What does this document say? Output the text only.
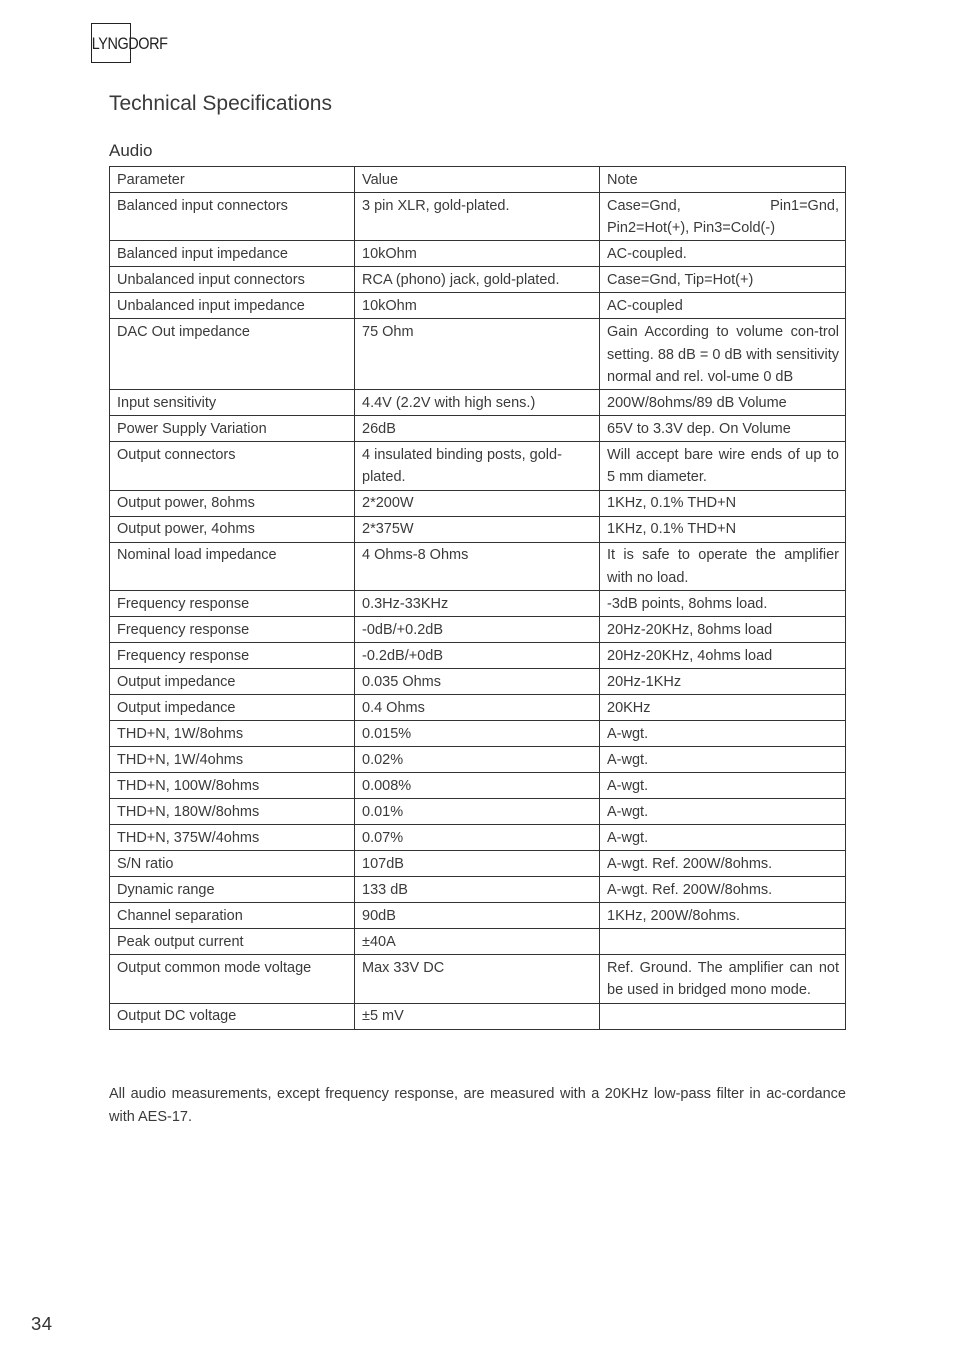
LYNGDORF
Technical Specifications
Audio
Parameter	Value	Note
Balanced input connectors	3 pin XLR, gold-plated.	Case=Gnd, Pin1=Gnd, Pin2=Hot(+), Pin3=Cold(-)
Balanced input impedance	10kOhm	AC-coupled.
Unbalanced input connectors	RCA (phono) jack, gold-plated.	Case=Gnd, Tip=Hot(+)
Unbalanced input impedance	10kOhm	AC-coupled
DAC Out impedance	75 Ohm	Gain According to volume con-trol setting. 88 dB = 0 dB with sensitivity normal and rel. vol-ume 0 dB
Input sensitivity	4.4V (2.2V with high sens.)	200W/8ohms/89 dB Volume
Power Supply Variation	26dB	65V to 3.3V dep. On Volume
Output connectors	4 insulated binding posts, gold-plated.	Will accept bare wire ends of up to 5 mm diameter.
Output power, 8ohms	2*200W	1KHz, 0.1% THD+N
Output power, 4ohms	2*375W	1KHz, 0.1% THD+N
Nominal load impedance	4 Ohms-8 Ohms	It is safe to operate the amplifier with no load.
Frequency response	0.3Hz-33KHz	-3dB points, 8ohms load.
Frequency response	-0dB/+0.2dB	20Hz-20KHz, 8ohms load
Frequency response	-0.2dB/+0dB	20Hz-20KHz, 4ohms load
Output impedance	0.035 Ohms	20Hz-1KHz
Output impedance	0.4 Ohms	20KHz
THD+N, 1W/8ohms	0.015%	A-wgt.
THD+N, 1W/4ohms	0.02%	A-wgt.
THD+N, 100W/8ohms	0.008%	A-wgt.
THD+N, 180W/8ohms	0.01%	A-wgt.
THD+N, 375W/4ohms	0.07%	A-wgt.
S/N ratio	107dB	A-wgt. Ref. 200W/8ohms.
Dynamic range	133 dB	A-wgt. Ref. 200W/8ohms.
Channel separation	90dB	1KHz, 200W/8ohms.
Peak output current	±40A	
Output common mode voltage	Max 33V DC	Ref. Ground. The amplifier can not be used in bridged mono mode.
Output DC voltage	±5 mV	

All audio measurements, except frequency response, are measured with a 20KHz low-pass filter in ac-cordance with AES-17.

34
